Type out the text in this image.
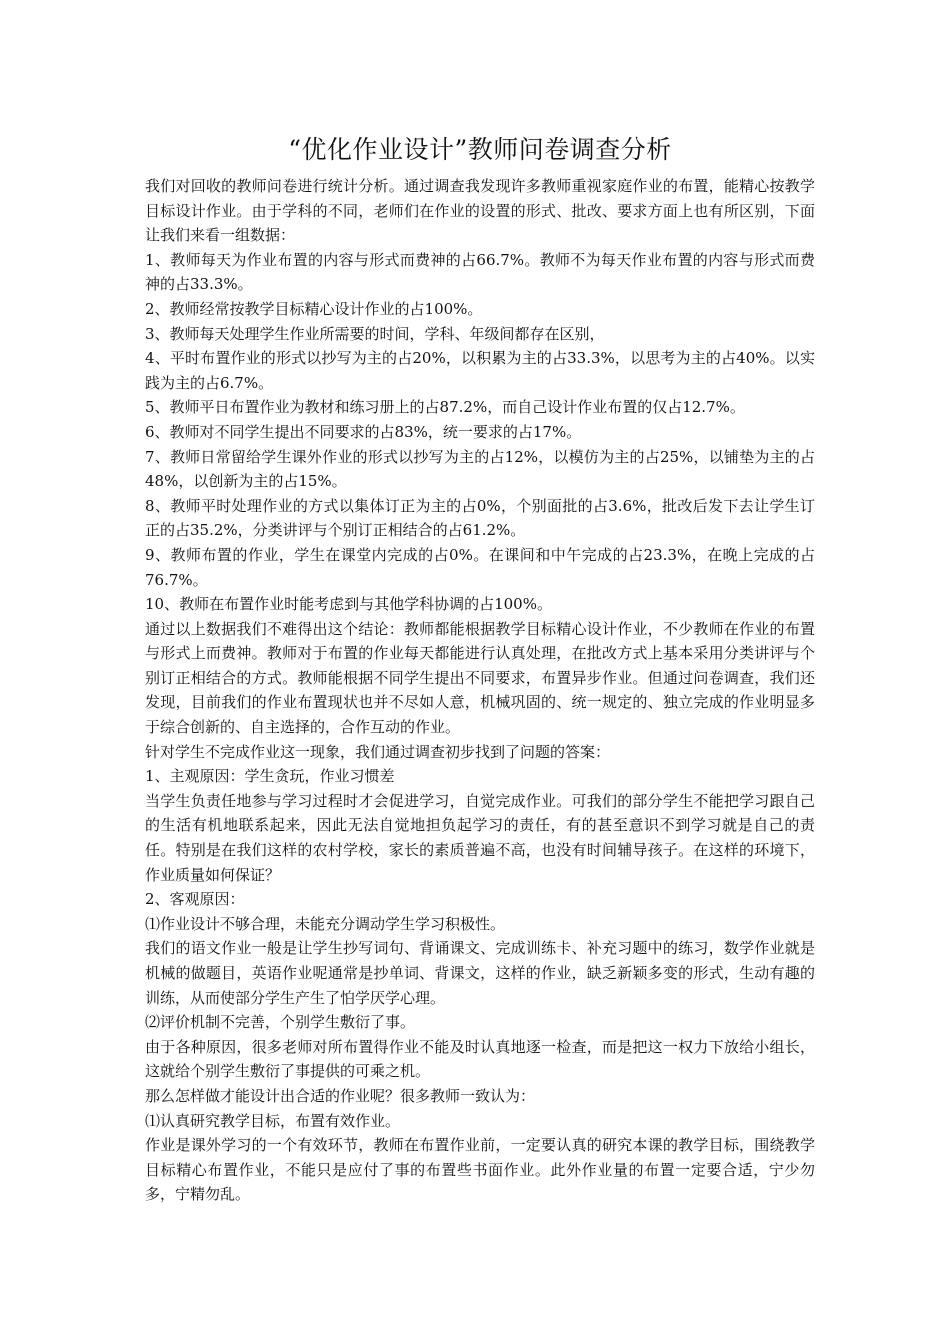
“优化作业设计”教师问卷调查分析

我们对回收的教师问卷进行统计分析。通过调查我发现许多教师重视家庭作业的布置，能精心按教学目标设计作业。由于学科的不同，老师们在作业的设置的形式、批改、要求方面上也有所区别，下面让我们来看一组数据：

1、教师每天为作业布置的内容与形式而费神的占66.7%。教师不为每天作业布置的内容与形式而费神的占33.3%。

2、教师经常按教学目标精心设计作业的占100%。

3、教师每天处理学生作业所需要的时间，学科、年级间都存在区别，

4、平时布置作业的形式以抄写为主的占20%，以积累为主的占33.3%，以思考为主的占40%。以实践为主的占6.7%。

5、教师平日布置作业为教材和练习册上的占87.2%，而自己设计作业布置的仅占12.7%。

6、教师对不同学生提出不同要求的占83%，统一要求的占17%。

7、教师日常留给学生课外作业的形式以抄写为主的占12%，以模仿为主的占25%，以铺垫为主的占48%，以创新为主的占15%。

8、教师平时处理作业的方式以集体订正为主的占0%，个别面批的占3.6%，批改后发下去让学生订正的占35.2%，分类讲评与个别订正相结合的占61.2%。

9、教师布置的作业，学生在课堂内完成的占0%。在课间和中午完成的占23.3%，在晚上完成的占76.7%。

10、教师在布置作业时能考虑到与其他学科协调的占100%。

通过以上数据我们不难得出这个结论：教师都能根据教学目标精心设计作业，不少教师在作业的布置与形式上而费神。教师对于布置的作业每天都能进行认真处理，在批改方式上基本采用分类讲评与个别订正相结合的方式。教师能根据不同学生提出不同要求，布置异步作业。但通过问卷调查，我们还发现，目前我们的作业布置现状也并不尽如人意，机械巩固的、统一规定的、独立完成的作业明显多于综合创新的、自主选择的，合作互动的作业。

针对学生不完成作业这一现象，我们通过调查初步找到了问题的答案：

1、主观原因：学生贪玩，作业习惯差

当学生负责任地参与学习过程时才会促进学习，自觉完成作业。可我们的部分学生不能把学习跟自己的生活有机地联系起来，因此无法自觉地担负起学习的责任，有的甚至意识不到学习就是自己的责任。特别是在我们这样的农村学校，家长的素质普遍不高，也没有时间辅导孩子。在这样的环境下，作业质量如何保证？

2、客观原因：

⑴作业设计不够合理，未能充分调动学生学习积极性。

我们的语文作业一般是让学生抄写词句、背诵课文、完成训练卡、补充习题中的练习，数学作业就是机械的做题目，英语作业呢通常是抄单词、背课文，这样的作业，缺乏新颖多变的形式，生动有趣的训练，从而使部分学生产生了怕学厌学心理。

⑵评价机制不完善，个别学生敷衍了事。

由于各种原因，很多老师对所布置得作业不能及时认真地逐一检查，而是把这一权力下放给小组长，这就给个别学生敷衍了事提供的可乘之机。

那么怎样做才能设计出合适的作业呢？很多教师一致认为：

⑴认真研究教学目标，布置有效作业。

作业是课外学习的一个有效环节，教师在布置作业前，一定要认真的研究本课的教学目标，围绕教学目标精心布置作业，不能只是应付了事的布置些书面作业。此外作业量的布置一定要合适，宁少勿多，宁精勿乱。
